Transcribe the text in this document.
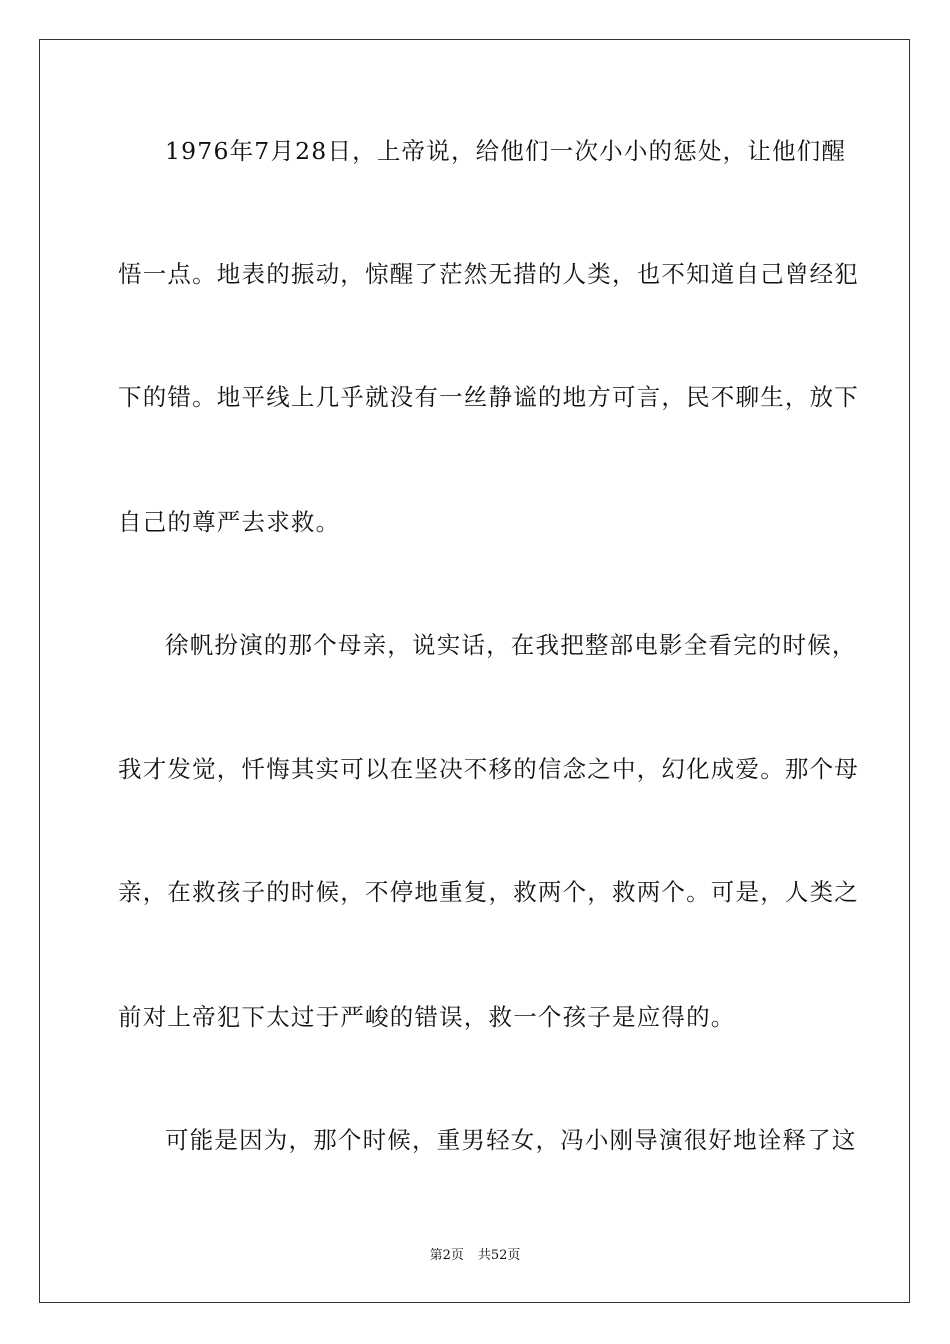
1976年7月28日，上帝说，给他们一次小小的惩处，让他们醒
悟一点。地表的振动，惊醒了茫然无措的人类，也不知道自己曾经犯
下的错。地平线上几乎就没有一丝静谧的地方可言，民不聊生，放下
自己的尊严去求救。
徐帆扮演的那个母亲，说实话，在我把整部电影全看完的时候，
我才发觉，忏悔其实可以在坚决不移的信念之中，幻化成爱。那个母
亲，在救孩子的时候，不停地重复，救两个，救两个。可是，人类之
前对上帝犯下太过于严峻的错误，救一个孩子是应得的。
可能是因为，那个时候，重男轻女，冯小刚导演很好地诠释了这
第2页 共52页
